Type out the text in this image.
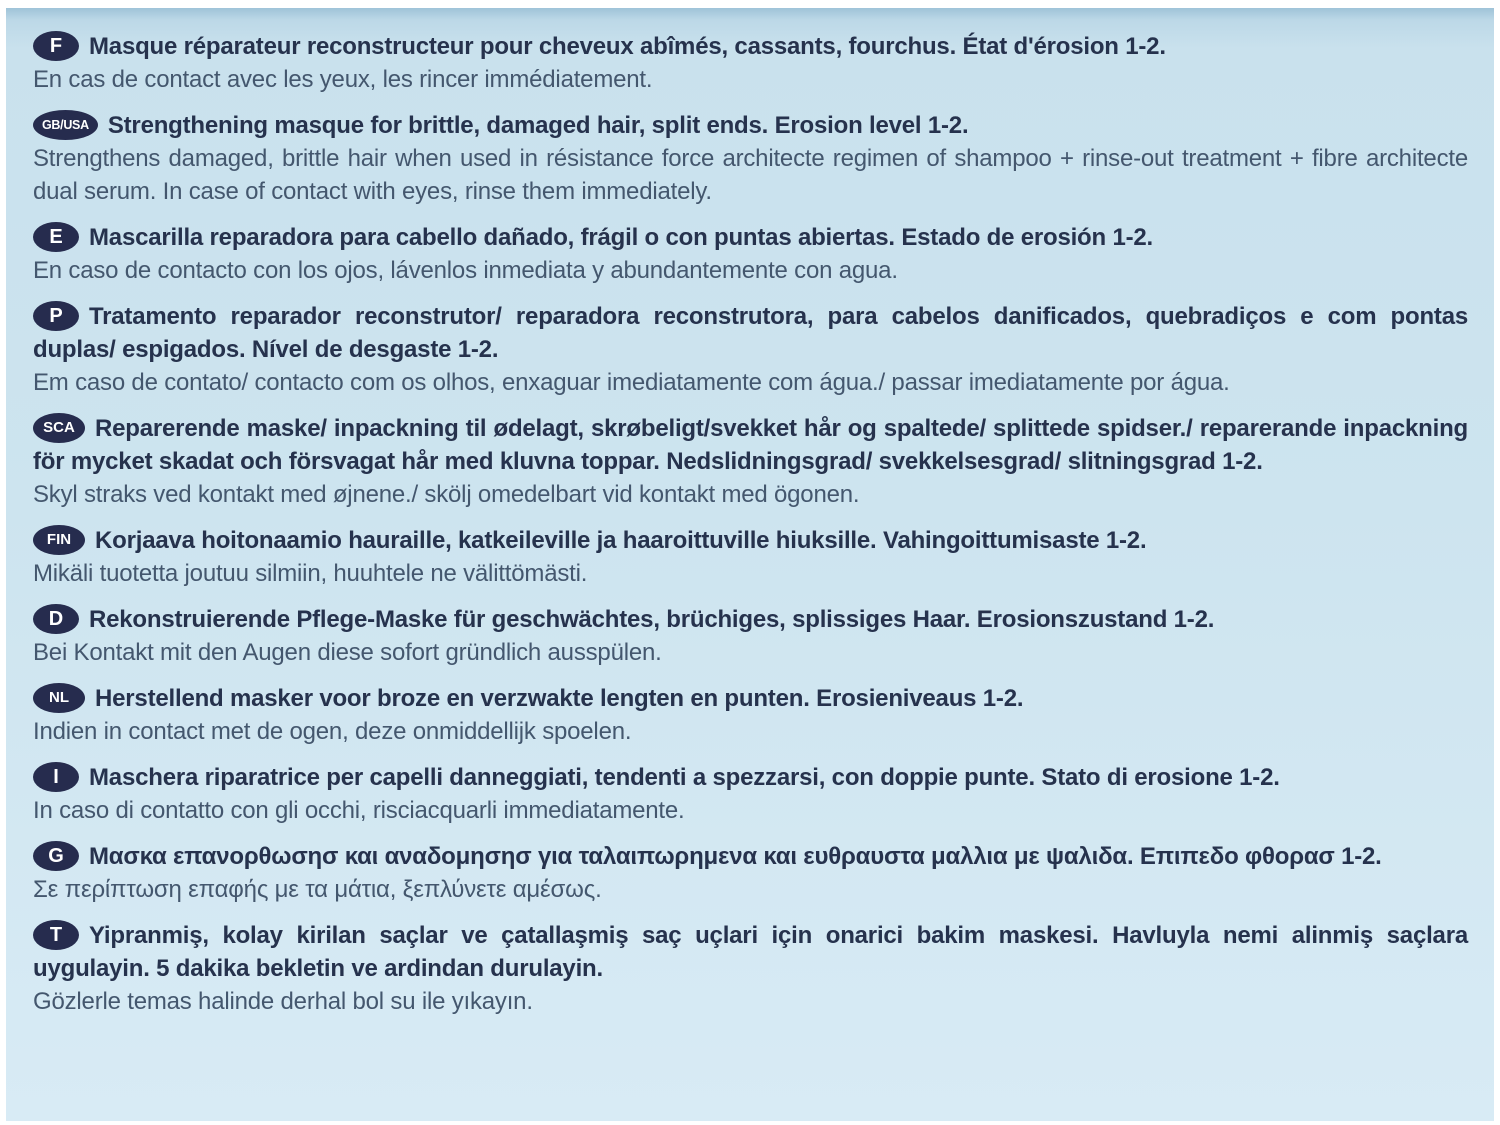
F Masque réparateur reconstructeur pour cheveux abîmés, cassants, fourchus. État d'érosion 1-2.

En cas de contact avec les yeux, les rincer immédiatement.

GB/USA Strengthening masque for brittle, damaged hair, split ends. Erosion level 1-2.

Strengthens damaged, brittle hair when used in résistance force architecte regimen of shampoo + rinse-out treatment + fibre architecte dual serum. In case of contact with eyes, rinse them immediately.

E Mascarilla reparadora para cabello dañado, frágil o con puntas abiertas. Estado de erosión 1-2.

En caso de contacto con los ojos, lávenlos inmediata y abundantemente con agua.

P Tratamento reparador reconstrutor/ reparadora reconstrutora, para cabelos danificados, quebradiços e com pontas duplas/ espigados. Nível de desgaste 1-2.

Em caso de contato/ contacto com os olhos, enxaguar imediatamente com água./ passar imediatamente por água.

SCA Reparerende maske/ inpackning til ødelagt, skrøbeligt/svekket hår og spaltede/ splittede spidser./ reparerande inpackning för mycket skadat och försvagat hår med kluvna toppar. Nedslidningsgrad/ svekkelsesgrad/ slitningsgrad 1-2.

Skyl straks ved kontakt med øjnene./ skölj omedelbart vid kontakt med ögonen.

FIN Korjaava hoitonaamio hauraille, katkeileville ja haaroittuville hiuksille. Vahingoittumisaste 1-2.

Mikäli tuotetta joutuu silmiin, huuhtele ne välittömästi.

D Rekonstruierende Pflege-Maske für geschwächtes, brüchiges, splissiges Haar. Erosionszustand 1-2.

Bei Kontakt mit den Augen diese sofort gründlich ausspülen.

NL Herstellend masker voor broze en verzwakte lengten en punten. Erosieniveaus 1-2.

Indien in contact met de ogen, deze onmiddellijk spoelen.

I Maschera riparatrice per capelli danneggiati, tendenti a spezzarsi, con doppie punte. Stato di erosione 1-2.

In caso di contatto con gli occhi, risciacquarli immediatamente.

G Μασκα επανορθωσησ και αναδομησησ για ταλαιπωρημενα και ευθραυστα μαλλια με ψαλιδα. Επιπεδο φθορασ 1-2.

Σε περίπτωση επαφής με τα μάτια, ξεπλύνετε αμέσως.

T Yipranmiş, kolay kirilan saçlar ve çatallaşmiş saç uçlari için onarici bakim maskesi. Havluyla nemi alinmiş saçlara uygulayin. 5 dakika bekletin ve ardindan durulayin.

Gözlerle temas halinde derhal bol su ile yıkayın.
